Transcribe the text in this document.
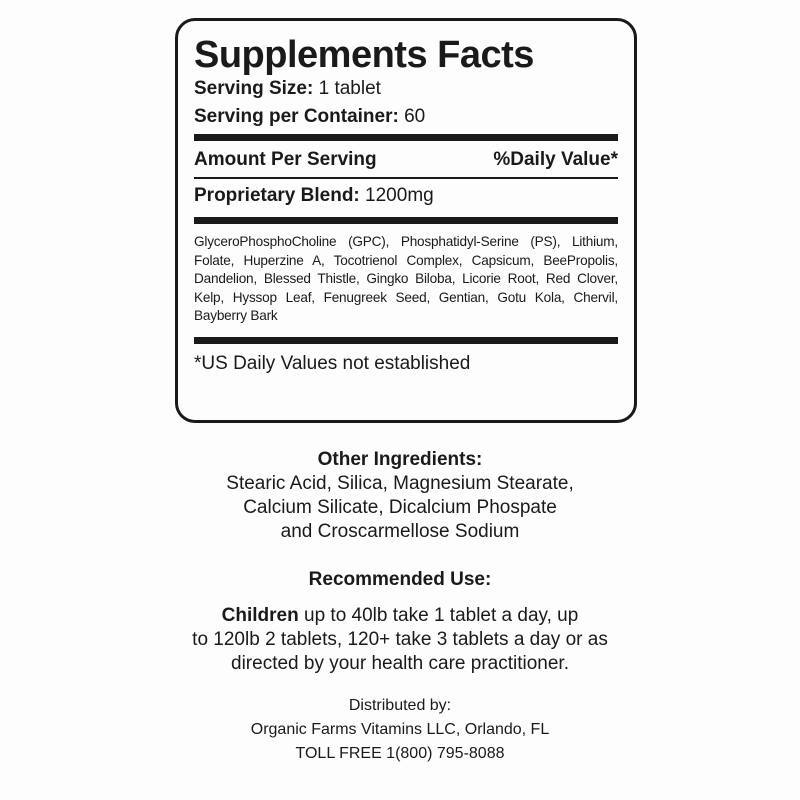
Supplements Facts
Serving Size: 1 tablet
Serving per Container: 60
Amount Per Serving	%Daily Value*
Proprietary Blend: 1200mg
GlyceroPhosphoCholine (GPC), Phosphatidyl-Serine (PS), Lithium, Folate, Huperzine A, Tocotrienol Complex, Capsicum, BeePropolis, Dandelion, Blessed Thistle, Gingko Biloba, Licorie Root, Red Clover, Kelp, Hyssop Leaf, Fenugreek Seed, Gentian, Gotu Kola, Chervil, Bayberry Bark
*US Daily Values not established
Other Ingredients:
Stearic Acid, Silica, Magnesium Stearate,
Calcium Silicate, Dicalcium Phospate
and Croscarmellose Sodium
Recommended Use:
Children up to 40lb take 1 tablet a day, up
to 120lb 2 tablets, 120+ take 3 tablets a day or as
directed by your health care practitioner.
Distributed by:
Organic Farms Vitamins LLC, Orlando, FL
TOLL FREE 1(800) 795-8088
